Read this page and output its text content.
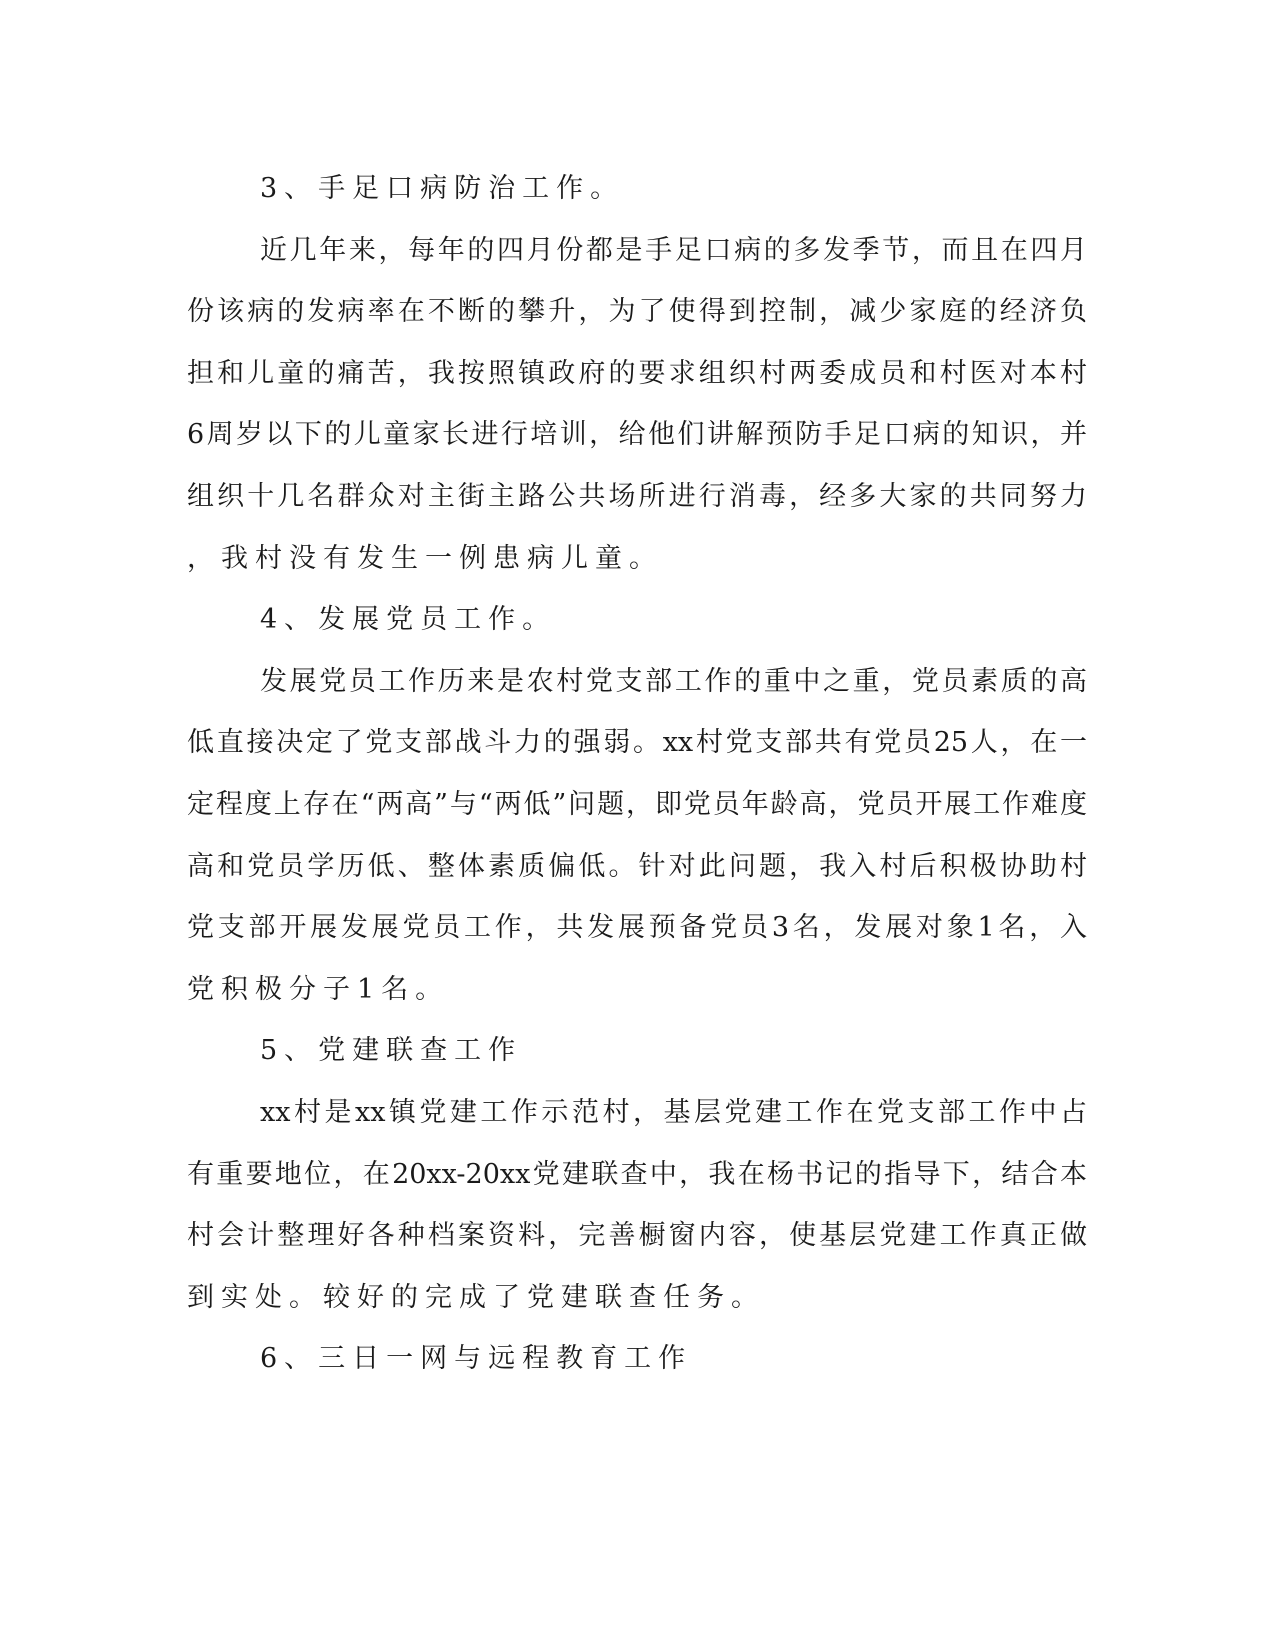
3、手足口病防治工作。
近几年来，每年的四月份都是手足口病的多发季节，而且在四月
份该病的发病率在不断的攀升，为了使得到控制，减少家庭的经济负
担和儿童的痛苦，我按照镇政府的要求组织村两委成员和村医对本村
6周岁以下的儿童家长进行培训，给他们讲解预防手足口病的知识，并
组织十几名群众对主街主路公共场所进行消毒，经多大家的共同努力
，我村没有发生一例患病儿童。
4、发展党员工作。
发展党员工作历来是农村党支部工作的重中之重，党员素质的高
低直接决定了党支部战斗力的强弱。xx村党支部共有党员25人，在一
定程度上存在“两高”与“两低”问题，即党员年龄高，党员开展工作难度
高和党员学历低、整体素质偏低。针对此问题，我入村后积极协助村
党支部开展发展党员工作，共发展预备党员3名，发展对象1名，入
党积极分子1名。
5、党建联查工作
xx村是xx镇党建工作示范村，基层党建工作在党支部工作中占
有重要地位，在20xx-20xx党建联查中，我在杨书记的指导下，结合本
村会计整理好各种档案资料，完善橱窗内容，使基层党建工作真正做
到实处。较好的完成了党建联查任务。
6、三日一网与远程教育工作
